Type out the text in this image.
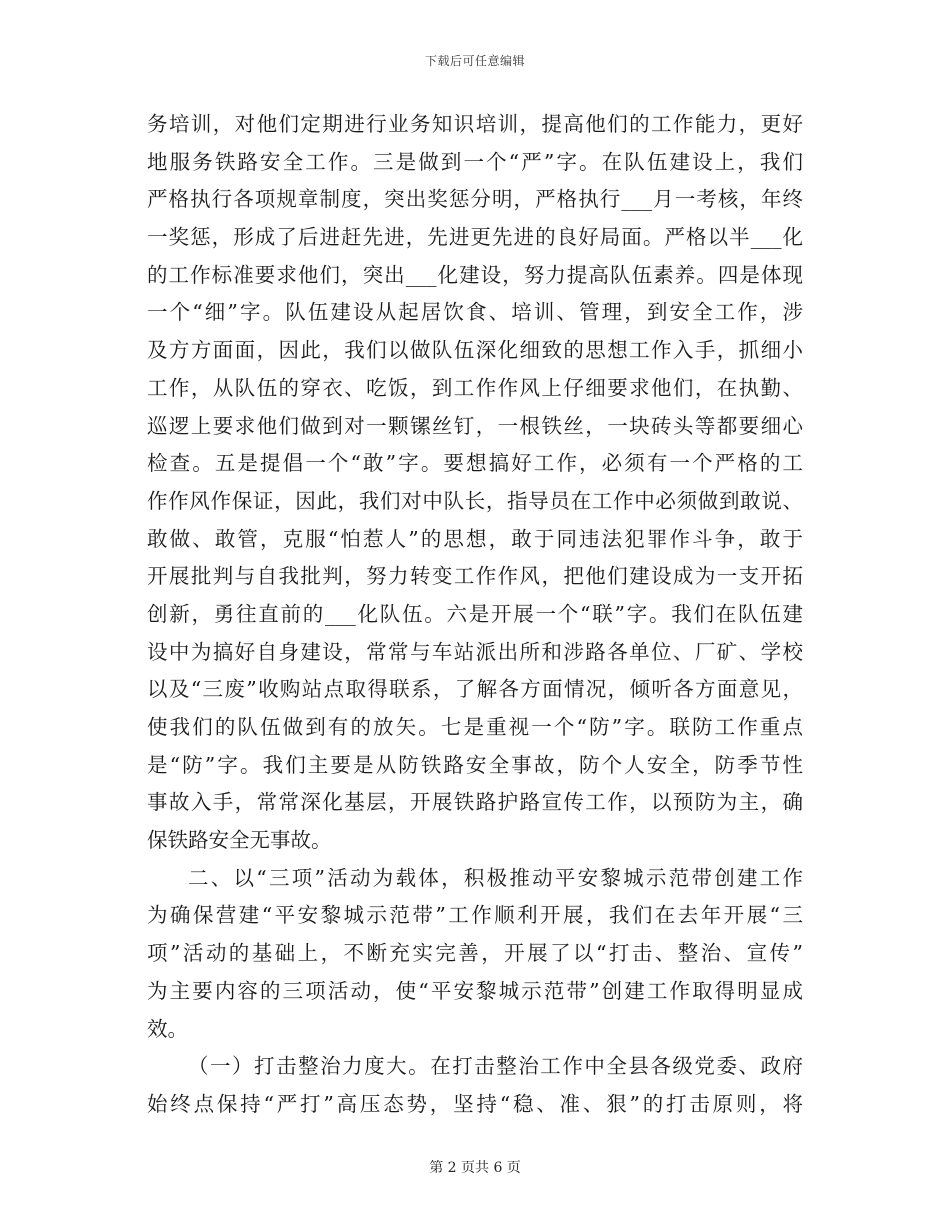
下载后可任意编辑
务培训，对他们定期进行业务知识培训，提高他们的工作能力，更好
地服务铁路安全工作。三是做到一个“严”字。在队伍建设上，我们
严格执行各项规章制度，突出奖惩分明，严格执行___月一考核，年终
一奖惩，形成了后进赶先进，先进更先进的良好局面。严格以半___化
的工作标准要求他们，突出___化建设，努力提高队伍素养。四是体现
一个“细”字。队伍建设从起居饮食、培训、管理，到安全工作，涉
及方方面面，因此，我们以做队伍深化细致的思想工作入手，抓细小
工作，从队伍的穿衣、吃饭，到工作作风上仔细要求他们，在执勤、
巡逻上要求他们做到对一颗镙丝钉，一根铁丝，一块砖头等都要细心
检查。五是提倡一个“敢”字。要想搞好工作，必须有一个严格的工
作作风作保证，因此，我们对中队长，指导员在工作中必须做到敢说、
敢做、敢管，克服“怕惹人”的思想，敢于同违法犯罪作斗争，敢于
开展批判与自我批判，努力转变工作作风，把他们建设成为一支开拓
创新，勇往直前的___化队伍。六是开展一个“联”字。我们在队伍建
设中为搞好自身建设，常常与车站派出所和涉路各单位、厂矿、学校
以及“三废”收购站点取得联系，了解各方面情况，倾听各方面意见，
使我们的队伍做到有的放矢。七是重视一个“防”字。联防工作重点
是“防”字。我们主要是从防铁路安全事故，防个人安全，防季节性
事故入手，常常深化基层，开展铁路护路宣传工作，以预防为主，确
保铁路安全无事故。
二、以“三项”活动为载体，积极推动平安黎城示范带创建工作
为确保营建“平安黎城示范带”工作顺利开展，我们在去年开展“三
项”活动的基础上，不断充实完善，开展了以“打击、整治、宣传”
为主要内容的三项活动，使“平安黎城示范带”创建工作取得明显成
效。
（一）打击整治力度大。在打击整治工作中全县各级党委、政府
始终点保持“严打”高压态势，坚持“稳、准、狠”的打击原则，将
第 2 页共 6 页
